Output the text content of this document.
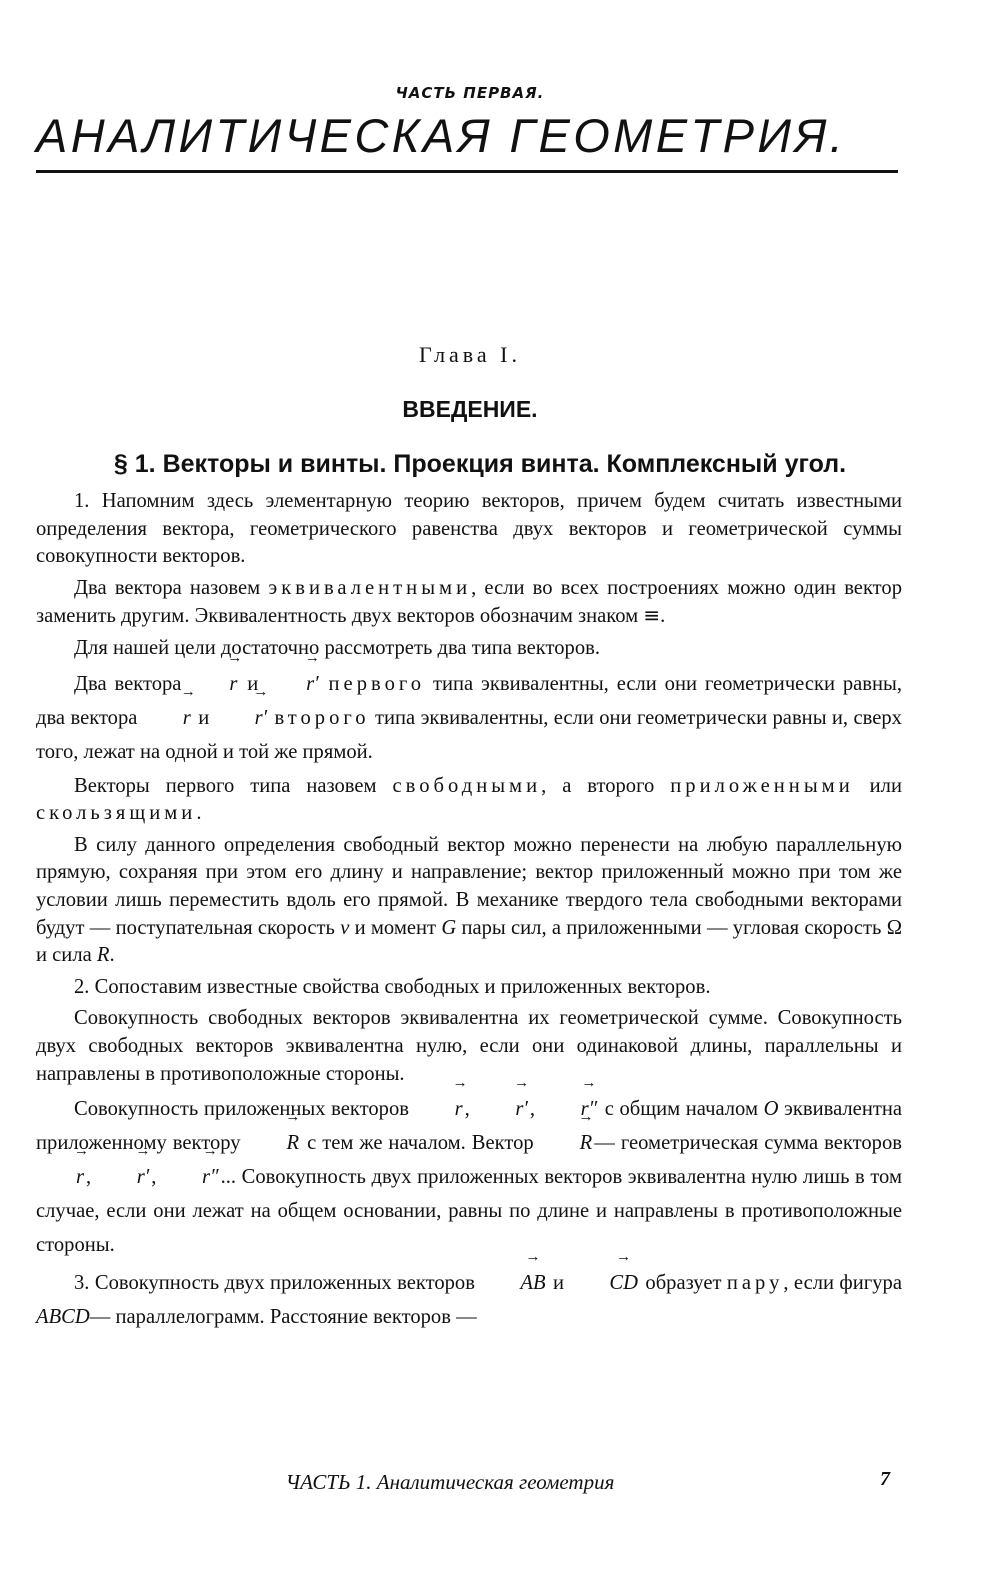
ЧАСТЬ ПЕРВАЯ.
АНАЛИТИЧЕСКАЯ ГЕОМЕТРИЯ.
Глава I.
ВВЕДЕНИЕ.
§ 1. Векторы и винты. Проекция винта. Комплексный угол.

1. Напомним здесь элементарную теорию векторов, причем будем считать известными определения вектора, геометрического равенства двух векторов и геометрической суммы совокупности векторов.

Два вектора назовем эквивалентными, если во всех построениях можно один вектор заменить другим. Эквивалентность двух векторов обозначим знаком ≡.

Для нашей цели достаточно рассмотреть два типа векторов.

Два вектора → r и → r′ первого типа эквивалентны, если они геометрически равны, два вектора → r и → r′ второго типа эквивалентны, если они геометрически равны и, сверх того, лежат на одной и той же прямой.

Векторы первого типа назовем свободными, а второго приложенными или скользящими.

В силу данного определения свободный вектор можно перенести на любую параллельную прямую, сохраняя при этом его длину и направление; вектор приложенный можно при том же условии лишь переместить вдоль его прямой. В механике твердого тела свободными векторами будут — поступательная скорость v и момент G пары сил, а приложенными — угловая скорость Ω и сила R.

2. Сопоставим известные свойства свободных и приложенных векторов.

Совокупность свободных векторов эквивалентна их геометрической сумме. Совокупность двух свободных векторов эквивалентна нулю, если они одинаковой длины, параллельны и направлены в противоположные стороны.

Совокупность приложенных векторов → r, → r′, → r″ с общим началом O эквивалентна приложенному вектору → R с тем же началом. Вектор → R— геометрическая сумма векторов → r, → r′, → r″... Совокупность двух приложенных векторов эквивалентна нулю лишь в том случае, если они лежат на общем основании, равны по длине и направлены в противоположные стороны.

3. Совокупность двух приложенных векторов → AB и → CD образует пару, если фигура ABCD— параллелограмм. Расстояние векторов —

ЧАСТЬ 1. Аналитическая геометрия	7
